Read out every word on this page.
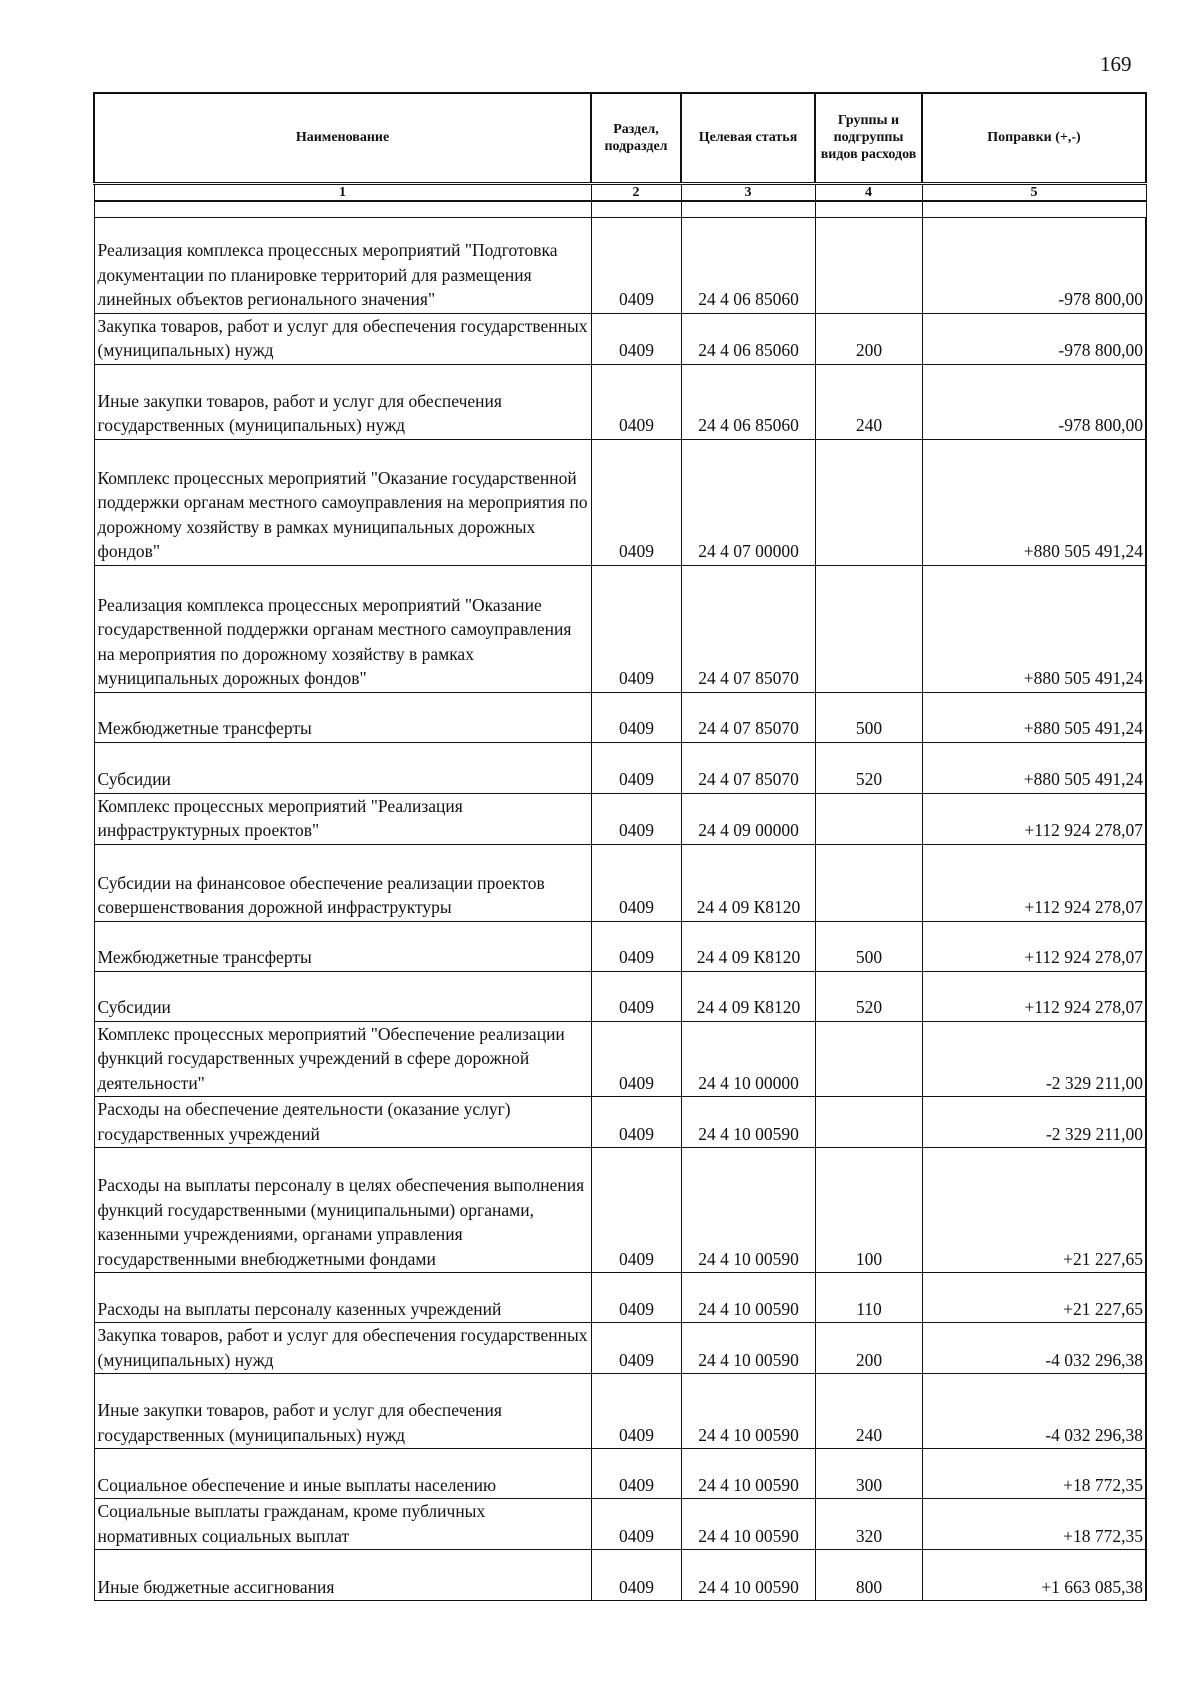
169
Наименование	Раздел, подраздел	Целевая статья	Группы и подгруппы видов расходов	Поправки (+,-)
1	2	3	4	5

Реализация комплекса процессных мероприятий "Подготовка документации по планировке территорий для размещения линейных объектов регионального значения"	0409	24 4 06 85060		-978 800,00
Закупка товаров, работ и услуг для обеспечения государственных (муниципальных) нужд	0409	24 4 06 85060	200	-978 800,00
Иные закупки товаров, работ и услуг для обеспечения государственных (муниципальных) нужд	0409	24 4 06 85060	240	-978 800,00
Комплекс процессных мероприятий "Оказание государственной поддержки органам местного самоуправления на мероприятия по дорожному хозяйству в рамках муниципальных дорожных фондов"	0409	24 4 07 00000		+880 505 491,24
Реализация комплекса процессных мероприятий "Оказание государственной поддержки органам местного самоуправления на мероприятия по дорожному хозяйству в рамках муниципальных дорожных фондов"	0409	24 4 07 85070		+880 505 491,24
Межбюджетные трансферты	0409	24 4 07 85070	500	+880 505 491,24
Субсидии	0409	24 4 07 85070	520	+880 505 491,24
Комплекс процессных мероприятий "Реализация инфраструктурных проектов"	0409	24 4 09 00000		+112 924 278,07
Субсидии на финансовое обеспечение реализации проектов совершенствования дорожной инфраструктуры	0409	24 4 09 К8120		+112 924 278,07
Межбюджетные трансферты	0409	24 4 09 К8120	500	+112 924 278,07
Субсидии	0409	24 4 09 К8120	520	+112 924 278,07
Комплекс процессных мероприятий "Обеспечение реализации функций государственных учреждений в сфере дорожной деятельности"	0409	24 4 10 00000		-2 329 211,00
Расходы на обеспечение деятельности (оказание услуг) государственных учреждений	0409	24 4 10 00590		-2 329 211,00
Расходы на выплаты персоналу в целях обеспечения выполнения функций государственными (муниципальными) органами, казенными учреждениями, органами управления государственными внебюджетными фондами	0409	24 4 10 00590	100	+21 227,65
Расходы на выплаты персоналу казенных учреждений	0409	24 4 10 00590	110	+21 227,65
Закупка товаров, работ и услуг для обеспечения государственных (муниципальных) нужд	0409	24 4 10 00590	200	-4 032 296,38
Иные закупки товаров, работ и услуг для обеспечения государственных (муниципальных) нужд	0409	24 4 10 00590	240	-4 032 296,38
Социальное обеспечение и иные выплаты населению	0409	24 4 10 00590	300	+18 772,35
Социальные выплаты гражданам, кроме публичных нормативных социальных выплат	0409	24 4 10 00590	320	+18 772,35
Иные бюджетные ассигнования	0409	24 4 10 00590	800	+1 663 085,38
